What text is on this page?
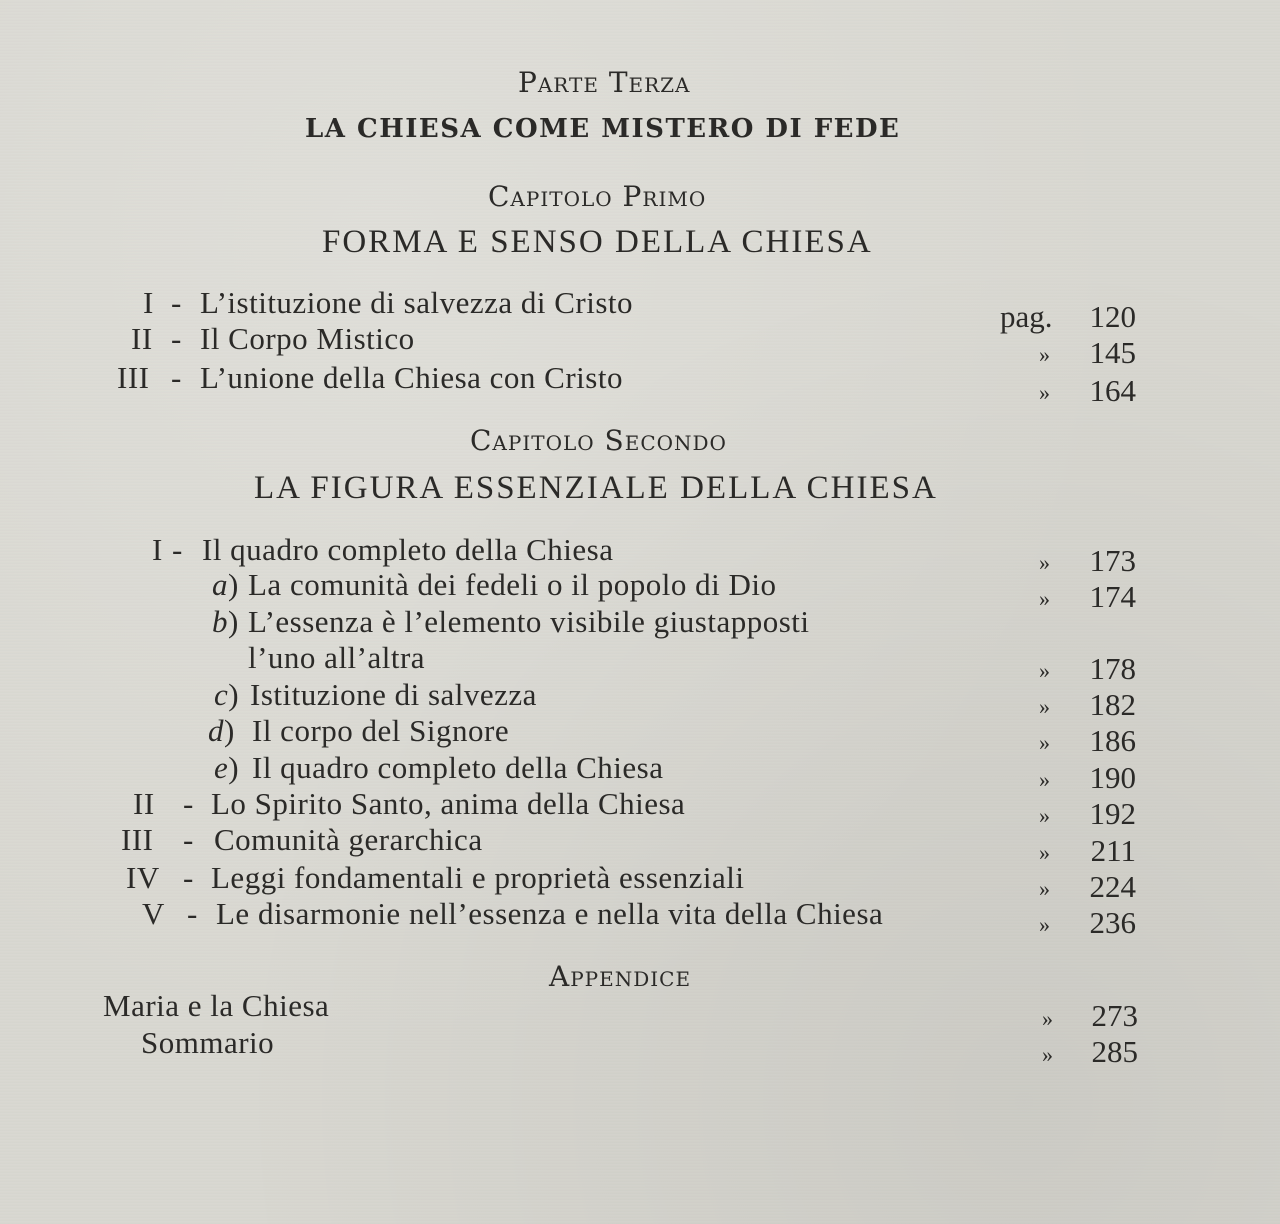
Parte Terza
LA CHIESA COME MISTERO DI FEDE
Capitolo Primo
FORMA E SENSO DELLA CHIESA
I - L’istituzione di salvezza di Cristo	pag.	120
II - Il Corpo Mistico	»	145
III - L’unione della Chiesa con Cristo	»	164
Capitolo Secondo
LA FIGURA ESSENZIALE DELLA CHIESA
I - Il quadro completo della Chiesa	»	173
a) La comunità dei fedeli o il popolo di Dio	»	174
b) L’essenza è l’elemento visibile giustapposti
l’uno all’altra	»	178
c) Istituzione di salvezza	»	182
d) Il corpo del Signore	»	186
e) Il quadro completo della Chiesa	»	190
II - Lo Spirito Santo, anima della Chiesa	»	192
III - Comunità gerarchica	»	211
IV - Leggi fondamentali e proprietà essenziali	»	224
V - Le disarmonie nell’essenza e nella vita della Chiesa	»	236
Appendice
Maria e la Chiesa	»	273
Sommario	»	285
